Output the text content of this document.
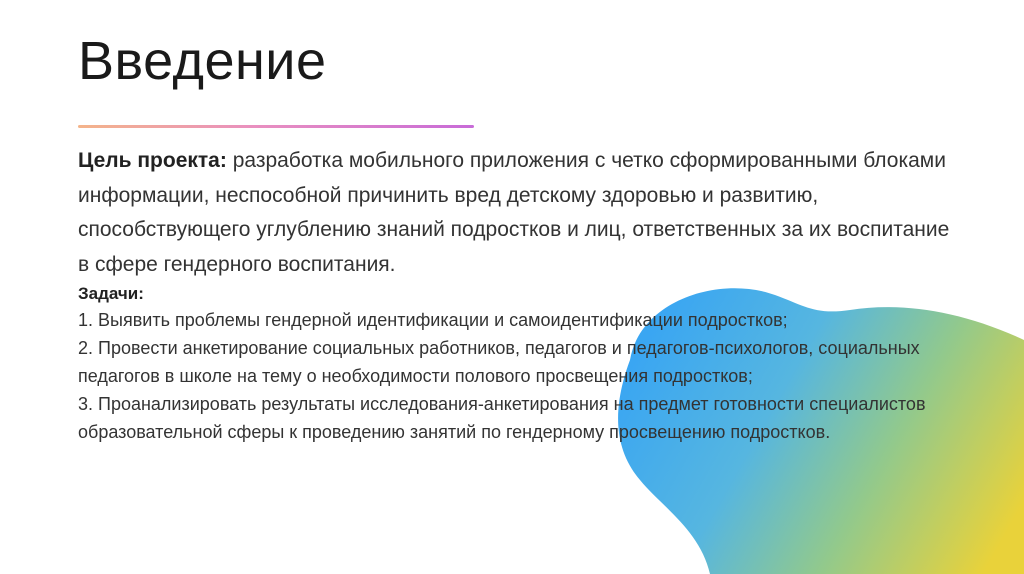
Введение

Цель проекта: разработка мобильного приложения с четко сформированными блоками информации, неспособной причинить вред детскому здоровью и развитию, способствующего углублению знаний подростков и лиц, ответственных за их воспитание в сфере гендерного воспитания.

Задачи:

1. Выявить проблемы гендерной идентификации и самоидентификации подростков;

2. Провести анкетирование социальных работников, педагогов и педагогов-психологов, социальных педагогов в школе на тему о необходимости полового просвещения подростков;

3. Проанализировать результаты исследования-анкетирования на предмет готовности специалистов образовательной сферы к проведению занятий по гендерному просвещению подростков.
